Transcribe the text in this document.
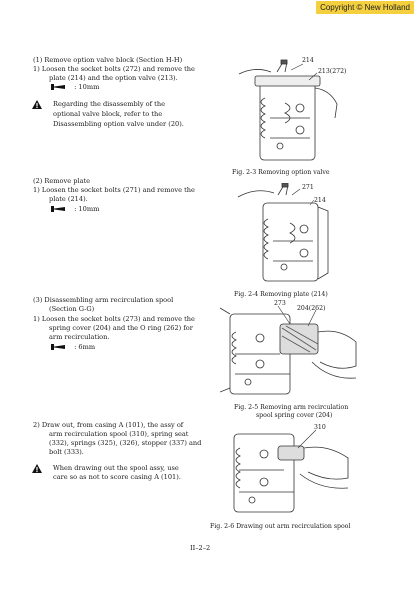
Copyright © New Holland
(1) Remove option valve block (Section H-H)
1) Loosen the socket bolts (272) and remove the
plate (214) and the option valve (213).
: 10mm
Regarding the disassembly of the
optional valve block, refer to the
Disassembling option valve under (20).
214
213(272)
Fig. 2-3 Removing option valve
(2) Remove plate
1) Loosen the socket bolts (271) and remove the
plate (214).
: 10mm
271
214
Fig. 2-4 Removing plate (214)
(3) Disassembling arm recirculation spool
(Section G-G)
1) Loosen the socket bolts (273) and remove the
spring cover (204) and the O ring (262) for
arm recirculation.
: 6mm
273
204(262)
Fig. 2-5 Removing arm recirculation
spool spring cover (204)
2) Draw out, from casing A (101), the assy of
arm recirculation spool (310), spring seat
(332), springs (325), (326), stopper (337) and
bolt (333).
When drawing out the spool assy, use
care so as not to score casing A (101).
310
Fig. 2-6 Drawing out arm recirculation spool
II–2–2
